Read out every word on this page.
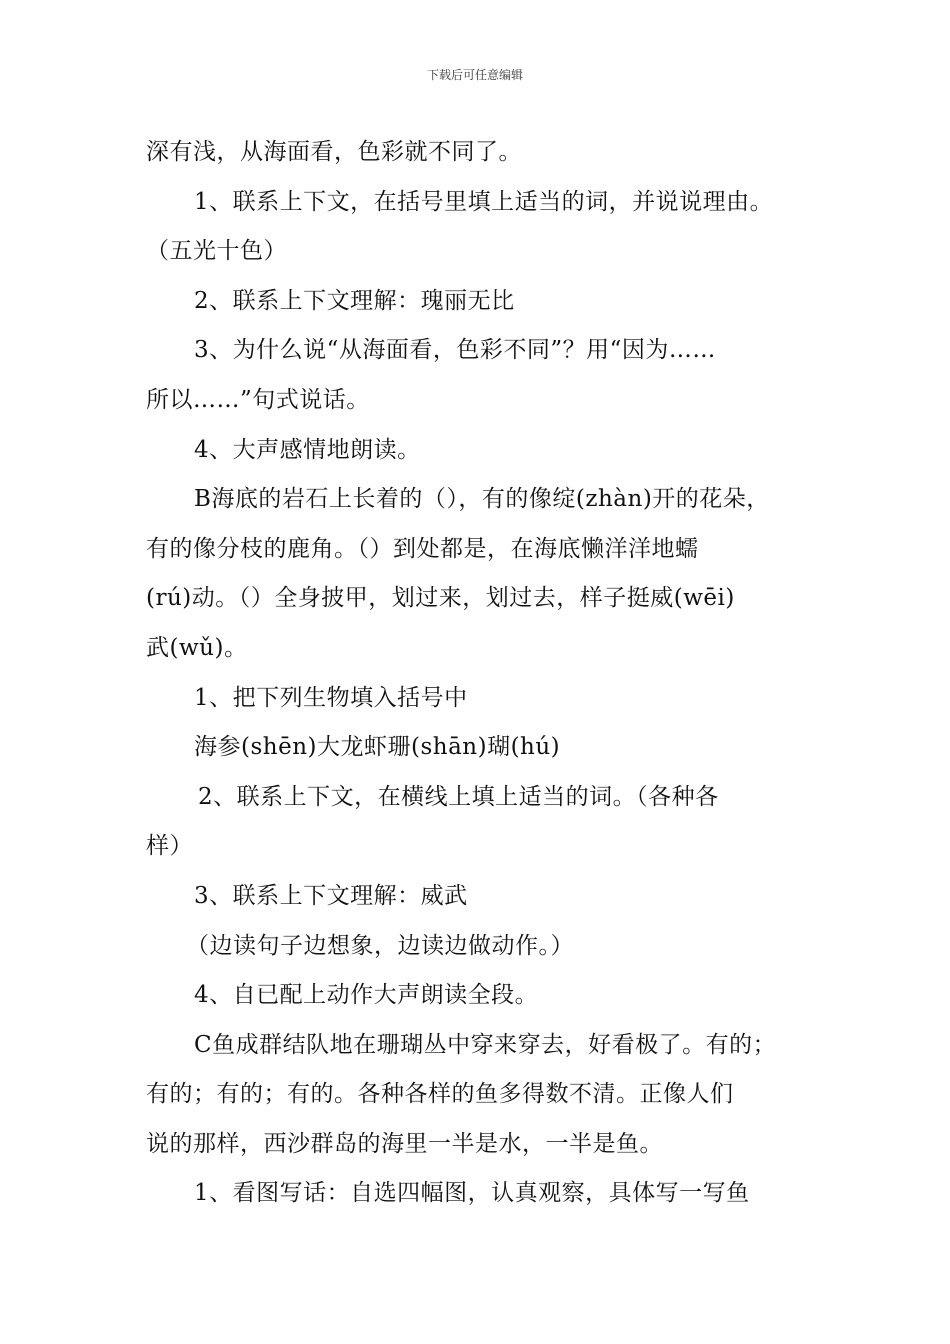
下载后可任意编辑
深有浅，从海面看，色彩就不同了。
1、联系上下文，在括号里填上适当的词，并说说理由。
（五光十色）
2、联系上下文理解：瑰丽无比
3、为什么说“从海面看，色彩不同”？用“因为……
所以……”句式说话。
4、大声感情地朗读。
B海底的岩石上长着的（），有的像绽(zhàn)开的花朵，
有的像分枝的鹿角。（）到处都是，在海底懒洋洋地蠕
(rú)动。（）全身披甲，划过来，划过去，样子挺威(wēi)
武(wǔ)。
1、把下列生物填入括号中
海参(shēn)大龙虾珊(shān)瑚(hú)
2、联系上下文，在横线上填上适当的词。（各种各
样）
3、联系上下文理解：威武
（边读句子边想象，边读边做动作。）
4、自已配上动作大声朗读全段。
C鱼成群结队地在珊瑚丛中穿来穿去，好看极了。有的；
有的；有的；有的。各种各样的鱼多得数不清。正像人们
说的那样，西沙群岛的海里一半是水，一半是鱼。
1、看图写话：自选四幅图，认真观察，具体写一写鱼
